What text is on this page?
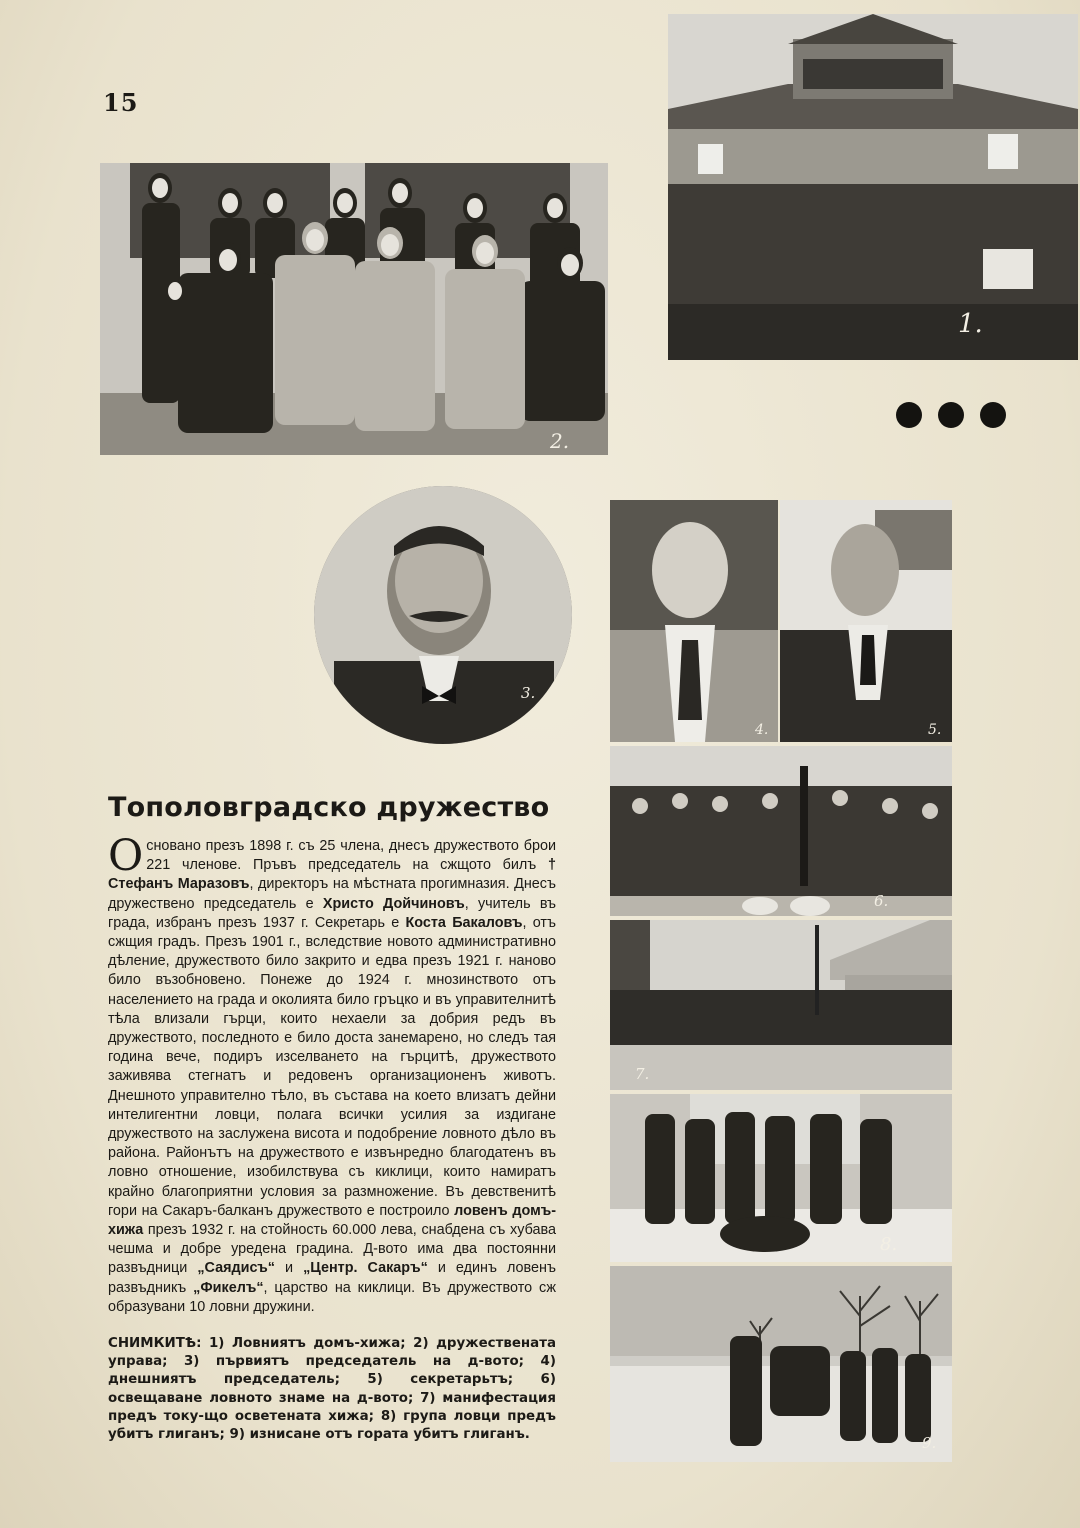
15
1.
2.
3.
4.	5.
6.
7.
8.
9.
Тополовградско дружество
Основано презъ 1898 г. съ 25 члена, днесъ дружеството брои 221 членове. Пръвъ председатель на сжщото билъ † Стефанъ Маразовъ, директоръ на мѣстната прогимназия. Днесъ дружествено председатель е Христо Дойчиновъ, учитель въ града, избранъ презъ 1937 г. Секретарь е Коста Бакаловъ, отъ сжщия градъ. Презъ 1901 г., вследствие новото административно дѣление, дружеството било закрито и едва презъ 1921 г. наново било възобновено. Понеже до 1924 г. мнозинството отъ населението на града и околията било гръцко и въ управителнитѣ тѣла влизали гърци, които нехаели за добрия редъ въ дружеството, последното е било доста занемарено, но следъ тая година вече, подиръ изселването на гърцитѣ, дружеството заживява стегнатъ и редовенъ организационенъ животъ. Днешното управително тѣло, въ състава на което влизатъ дейни интелигентни ловци, полага всички усилия за издигане дружеството на заслужена висота и подобрение ловното дѣло въ района. Районътъ на дружеството е извънредно благодатенъ въ ловно отношение, изобилствува съ киклици, които намиратъ крайно благоприятни условия за размножение. Въ девственитѣ гори на Сакаръ-балканъ дружеството е построило ловенъ домъ-хижа презъ 1932 г. на стойность 60.000 лева, снабдена съ хубава чешма и добре уредена градина. Д-вото има два постоянни развъдници „Саядисъ“ и „Центр. Сакаръ“ и единъ ловенъ развъдникъ „Фикелъ“, царство на киклици. Въ дружеството сж образувани 10 ловни дружини.
СНИМКИТѢ: 1) Ловниятъ домъ-хижа; 2) дружествената управа; 3) първиятъ председатель на д-вото; 4) днешниятъ председатель; 5) секретарьтъ; 6) освещаване ловното знаме на д-вото; 7) манифестация предъ току-що осветената хижа; 8) група ловци предъ убитъ глиганъ; 9) изнисане отъ гората убитъ глиганъ.
